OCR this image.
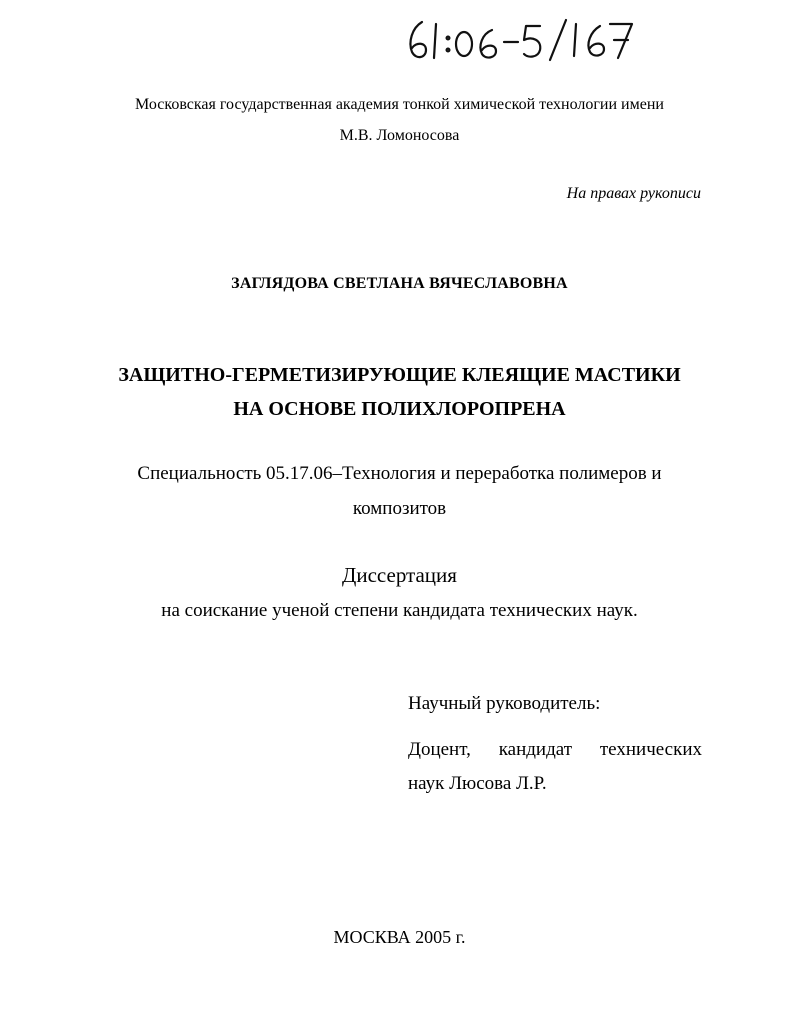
Московская государственная академия тонкой химической технологии имени
М.В. Ломоносова
На правах рукописи
ЗАГЛЯДОВА СВЕТЛАНА ВЯЧЕСЛАВОВНА
ЗАЩИТНО-ГЕРМЕТИЗИРУЮЩИЕ КЛЕЯЩИЕ МАСТИКИ
НА ОСНОВЕ ПОЛИХЛОРОПРЕНА
Специальность 05.17.06–Технология и переработка полимеров и
композитов
Диссертация
на соискание ученой степени кандидата технических наук.
Научный руководитель:
Доцент, кандидат технических
наук Люсова Л.Р.
МОСКВА 2005 г.
